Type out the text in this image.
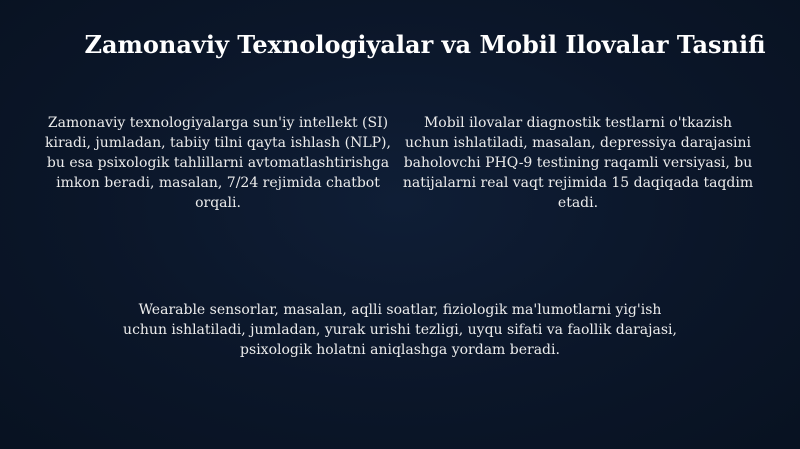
Zamonaviy Texnologiyalar va Mobil Ilovalar Tasnifi

Zamonaviy texnologiyalarga sun'iy intellekt (SI) kiradi, jumladan, tabiiy tilni qayta ishlash (NLP), bu esa psixologik tahlillarni avtomatlashtirishga imkon beradi, masalan, 7/24 rejimida chatbot orqali.

Mobil ilovalar diagnostik testlarni o'tkazish uchun ishlatiladi, masalan, depressiya darajasini baholovchi PHQ-9 testining raqamli versiyasi, bu natijalarni real vaqt rejimida 15 daqiqada taqdim etadi.

Wearable sensorlar, masalan, aqlli soatlar, fiziologik ma'lumotlarni yig'ish uchun ishlatiladi, jumladan, yurak urishi tezligi, uyqu sifati va faollik darajasi, psixologik holatni aniqlashga yordam beradi.
